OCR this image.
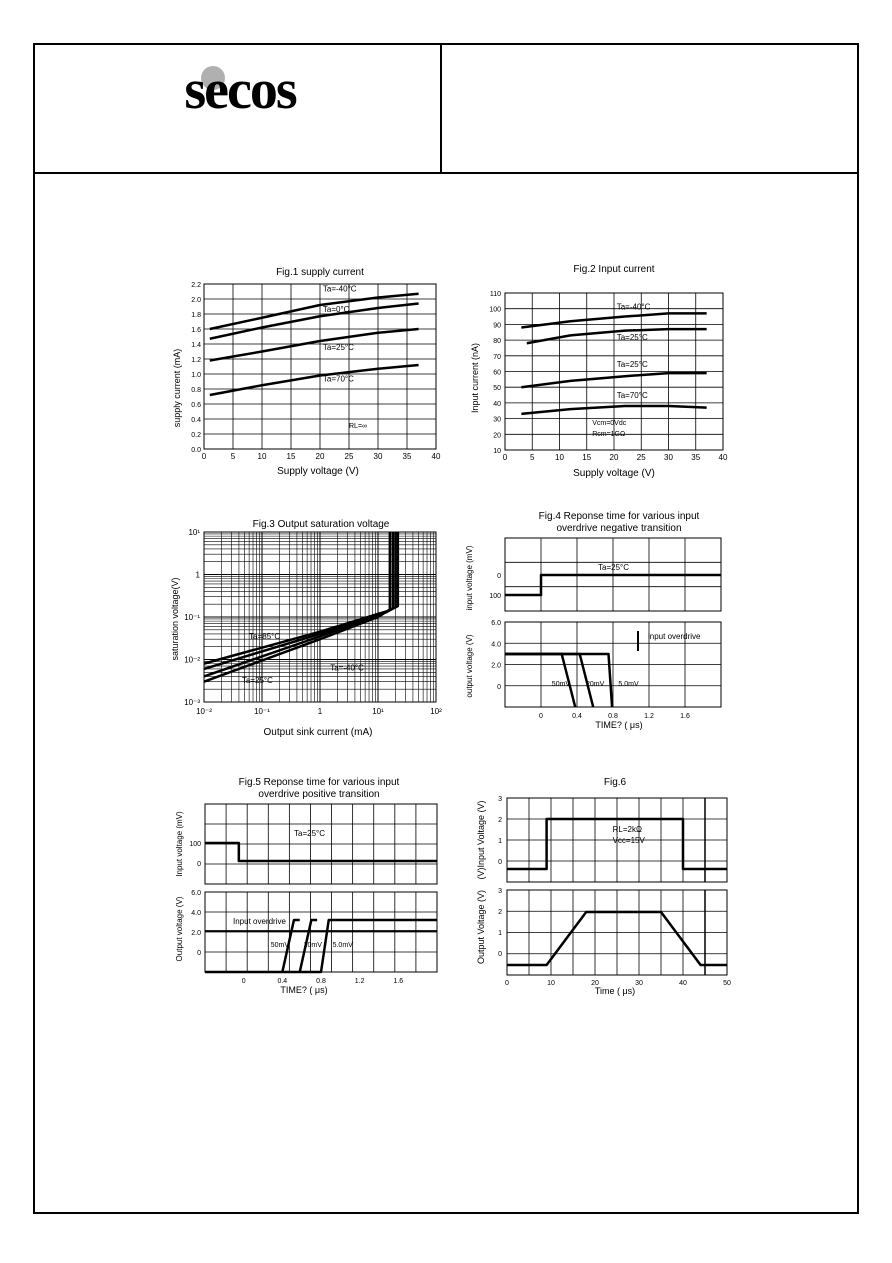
secos
Fig.1 supply current
0	5	10	15	20	25	30	35	40
2.2
2.0
1.8
1.6
1.4
1.2
1.0
0.8
0.6
0.4
0.2
0.0
Ta=-40°C
Ta=0°C
Ta=25°C
Ta=70°C
RL=∞
Supply voltage (V)
supply current (mA)
Fig.2 Input current
0	5	10 15 20 25 30 35 40
110
100
90
80
70
60
50
40
30
20
10
Ta=-40°C
Ta=25°C
Ta=25°C
Ta=70°C
Vcm=0Vdc
Rcm=1GΩ
Supply voltage (V)
Input current (nA)
Fig.3 Output saturation voltage
10⁻²	10⁻¹	1	10¹	10²
10¹
1
10⁻¹
10⁻²
10⁻³
Ta=85°C
Ta=-40°C
Ta=25°C
Output sink current (mA)
saturation voltage(V)
Fig.4 Reponse time for various input
overdrive negative transition
0
100
6.0
4.0
2.0
0
0	0.4	0.8	1.2	1.6
Ta=25°C
input overdrive
50mV 20mV 5.0mV
TIME? ( μs)
input voltage (mV)
output voltage (V)
Fig.5 Reponse time for various input
overdrive positive transition
100
0
6.0
4.0
2.0
0
0	0.4	0.8	1.2	1.6
Ta=25°C
Input overdrive
50mV 20mV 5.0mV
TIME? ( μs)
Input voltage (mV)
Output voltage (V)
Fig.6
3
2
1
0
3
2
1
0
0	10	20	30	40	50
RL=2kΩ
Vcc=15V
Time ( μs)
(V)Input Voltage (V)
Output Voltage (V)
